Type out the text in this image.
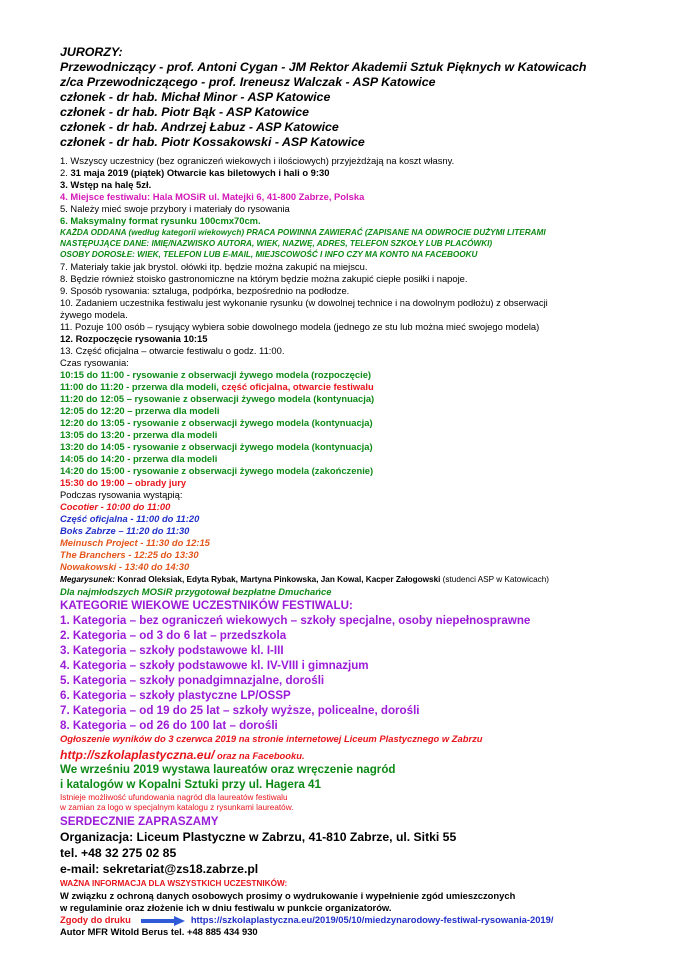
JURORZY:
Przewodniczący - prof. Antoni Cygan - JM Rektor Akademii Sztuk Pięknych w Katowicach
z/ca Przewodniczącego - prof. Ireneusz Walczak - ASP Katowice
członek - dr hab. Michał Minor - ASP Katowice
członek - dr hab. Piotr Bąk - ASP Katowice
członek - dr hab. Andrzej Łabuz - ASP Katowice
członek - dr hab. Piotr Kossakowski - ASP Katowice
1. Wszyscy uczestnicy (bez ograniczeń wiekowych i ilościowych) przyjeżdżają na koszt własny.
2. 31 maja 2019 (piątek) Otwarcie kas biletowych i hali o 9:30
3. Wstęp na halę 5zł.
4. Miejsce festiwalu: Hala MOSiR ul. Matejki 6, 41-800 Zabrze, Polska
5. Należy mieć swoje przybory i materiały do rysowania
6. Maksymalny format rysunku 100cmx70cm.
KAŻDA ODDANA (według kategorii wiekowych) PRACA POWINNA ZAWIERAĆ (ZAPISANE NA ODWROCIE DUŻYMI LITERAMI
NASTĘPUJĄCE DANE: IMIĘ/NAZWISKO AUTORA, WIEK, NAZWĘ, ADRES, TELEFON SZKOŁY LUB PLACÓWKI)
OSOBY DOROSŁE: WIEK, TELEFON LUB E-MAIL, MIEJSCOWOŚĆ I INFO CZY MA KONTO NA FACEBOOKU
7. Materiały takie jak brystol. ołówki itp. będzie można zakupić na miejscu.
8. Będzie również stoisko gastronomiczne na którym będzie można zakupić ciepłe posiłki i napoje.
9. Sposób rysowania: sztaluga, podpórka, bezpośrednio na podłodze.
10. Zadaniem uczestnika festiwalu jest wykonanie rysunku (w dowolnej technice i na dowolnym podłożu) z obserwacji
żywego modela.
11. Pozuje 100 osób – rysujący wybiera sobie dowolnego modela (jednego ze stu lub można mieć swojego modela)
12. Rozpoczęcie rysowania 10:15
13. Część oficjalna – otwarcie festiwalu o godz. 11:00.
Czas rysowania:
10:15 do 11:00 - rysowanie z obserwacji żywego modela (rozpoczęcie)
11:00 do 11:20 - przerwa dla modeli, część oficjalna, otwarcie festiwalu
11:20 do 12:05 – rysowanie z obserwacji żywego modela (kontynuacja)
12:05 do 12:20 – przerwa dla modeli
12:20 do 13:05 - rysowanie z obserwacji żywego modela (kontynuacja)
13:05 do 13:20 - przerwa dla modeli
13:20 do 14:05 - rysowanie z obserwacji żywego modela (kontynuacja)
14:05 do 14:20 - przerwa dla modeli
14:20 do 15:00 - rysowanie z obserwacji żywego modela (zakończenie)
15:30 do 19:00 – obrady jury
Podczas rysowania wystąpią:
Cocotier - 10:00 do 11:00
Część oficjalna - 11:00 do 11:20
Boks Zabrze – 11:20 do 11:30
Meinusch Project - 11:30 do 12:15
The Branchers - 12:25 do 13:30
Nowakowski - 13:40 do 14:30
Megarysunek: Konrad Oleksiak, Edyta Rybak, Martyna Pinkowska, Jan Kowal, Kacper Załogowski (studenci ASP w Katowicach)
Dla najmłodszych MOSiR przygotował bezpłatne Dmuchańce
KATEGORIE WIEKOWE UCZESTNIKÓW FESTIWALU:
1. Kategoria – bez ograniczeń wiekowych – szkoły specjalne, osoby niepełnosprawne
2. Kategoria – od 3 do 6 lat – przedszkola
3. Kategoria – szkoły podstawowe kl. I-III
4. Kategoria – szkoły podstawowe kl. IV-VIII i gimnazjum
5. Kategoria – szkoły ponadgimnazjalne, dorośli
6. Kategoria – szkoły plastyczne LP/OSSP
7. Kategoria – od 19 do 25 lat – szkoły wyższe, policealne, dorośli
8. Kategoria – od 26 do 100 lat – dorośli
Ogłoszenie wyników do 3 czerwca 2019 na stronie internetowej Liceum Plastycznego w Zabrzu
http://szkolaplastyczna.eu/ oraz na Facebooku.
We wrześniu 2019 wystawa laureatów oraz wręczenie nagród
i katalogów w Kopalni Sztuki przy ul. Hagera 41
Istnieje możliwość ufundowania nagród dla laureatów festiwalu
w zamian za logo w specjalnym katalogu z rysunkami laureatów.
SERDECZNIE ZAPRASZAMY
Organizacja: Liceum Plastyczne w Zabrzu, 41-810 Zabrze, ul. Sitki 55
tel. +48 32 275 02 85
e-mail: sekretariat@zs18.zabrze.pl
WAŻNA INFORMACJA DLA WSZYSTKICH UCZESTNIKÓW:
W związku z ochroną danych osobowych prosimy o wydrukowanie i wypełnienie zgód umieszczonych
w regulaminie oraz złożenie ich w dniu festiwalu w punkcie organizatorów.
Zgody do druku	https://szkolaplastyczna.eu/2019/05/10/miedzynarodowy-festiwal-rysowania-2019/
Autor MFR Witold Berus tel. +48 885 434 930
